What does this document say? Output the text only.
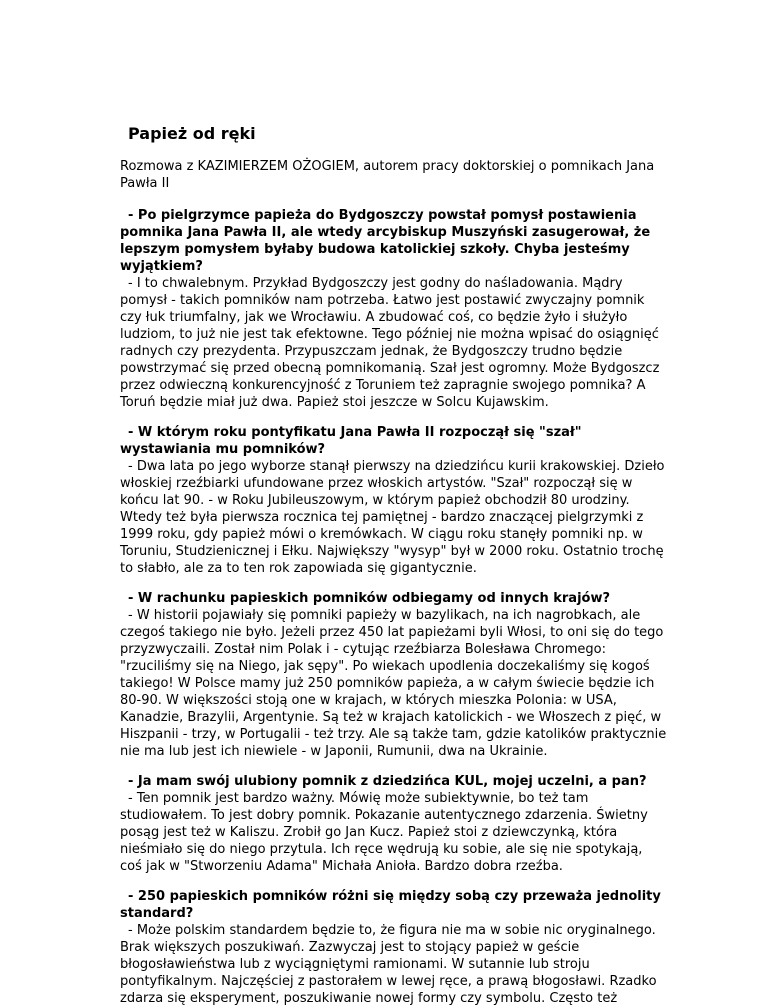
Papież od ręki

Rozmowa z KAZIMIERZEM OŻOGIEM, autorem pracy doktorskiej o pomnikach Jana Pawła II

- Po pielgrzymce papieża do Bydgoszczy powstał pomysł postawienia pomnika Jana Pawła II, ale wtedy arcybiskup Muszyński zasugerował, że lepszym pomysłem byłaby budowa katolickiej szkoły. Chyba jesteśmy wyjątkiem?

- I to chwalebnym. Przykład Bydgoszczy jest godny do naśladowania. Mądry pomysł - takich pomników nam potrzeba. Łatwo jest postawić zwyczajny pomnik czy łuk triumfalny, jak we Wrocławiu. A zbudować coś, co będzie żyło i służyło ludziom, to już nie jest tak efektowne. Tego później nie można wpisać do osiągnięć radnych czy prezydenta. Przypuszczam jednak, że Bydgoszczy trudno będzie powstrzymać się przed obecną pomnikomanią. Szał jest ogromny. Może Bydgoszcz przez odwieczną konkurencyjność z Toruniem też zapragnie swojego pomnika? A Toruń będzie miał już dwa. Papież stoi jeszcze w Solcu Kujawskim.

- W którym roku pontyfikatu Jana Pawła II rozpoczął się "szał" wystawiania mu pomników?

- Dwa lata po jego wyborze stanął pierwszy na dziedzińcu kurii krakowskiej. Dzieło włoskiej rzeźbiarki ufundowane przez włoskich artystów. "Szał" rozpoczął się w końcu lat 90. - w Roku Jubileuszowym, w którym papież obchodził 80 urodziny. Wtedy też była pierwsza rocznica tej pamiętnej - bardzo znaczącej pielgrzymki z 1999 roku, gdy papież mówi o kremówkach. W ciągu roku stanęły pomniki np. w Toruniu, Studzienicznej i Ełku. Największy "wysyp" był w 2000 roku. Ostatnio trochę to słabło, ale za to ten rok zapowiada się gigantycznie.

- W rachunku papieskich pomników odbiegamy od innych krajów?

- W historii pojawiały się pomniki papieży w bazylikach, na ich nagrobkach, ale czegoś takiego nie było. Jeżeli przez 450 lat papieżami byli Włosi, to oni się do tego przyzwyczaili. Został nim Polak i - cytując rzeźbiarza Bolesława Chromego: "rzuciliśmy się na Niego, jak sępy". Po wiekach upodlenia doczekaliśmy się kogoś takiego! W Polsce mamy już 250 pomników papieża, a w całym świecie będzie ich 80-90. W większości stoją one w krajach, w których mieszka Polonia: w USA, Kanadzie, Brazylii, Argentynie. Są też w krajach katolickich - we Włoszech z pięć, w Hiszpanii - trzy, w Portugalii - też trzy. Ale są także tam, gdzie katolików praktycznie nie ma lub jest ich niewiele - w Japonii, Rumunii, dwa na Ukrainie.

- Ja mam swój ulubiony pomnik z dziedzińca KUL, mojej uczelni, a pan?

- Ten pomnik jest bardzo ważny. Mówię może subiektywnie, bo też tam studiowałem. To jest dobry pomnik. Pokazanie autentycznego zdarzenia. Świetny posąg jest też w Kaliszu. Zrobił go Jan Kucz. Papież stoi z dziewczynką, która nieśmiało się do niego przytula. Ich ręce wędrują ku sobie, ale się nie spotykają, coś jak w "Stworzeniu Adama" Michała Anioła. Bardzo dobra rzeźba.

- 250 papieskich pomników różni się między sobą czy przeważa jednolity standard?

- Może polskim standardem będzie to, że figura nie ma w sobie nic oryginalnego. Brak większych poszukiwań. Zazwyczaj jest to stojący papież w geście błogosławieństwa lub z wyciągniętymi ramionami. W sutannie lub stroju pontyfikalnym. Najczęściej z pastorałem w lewej ręce, a prawą błogosławi. Rzadko zdarza się eksperyment, poszukiwanie nowej formy czy symbolu. Często też
